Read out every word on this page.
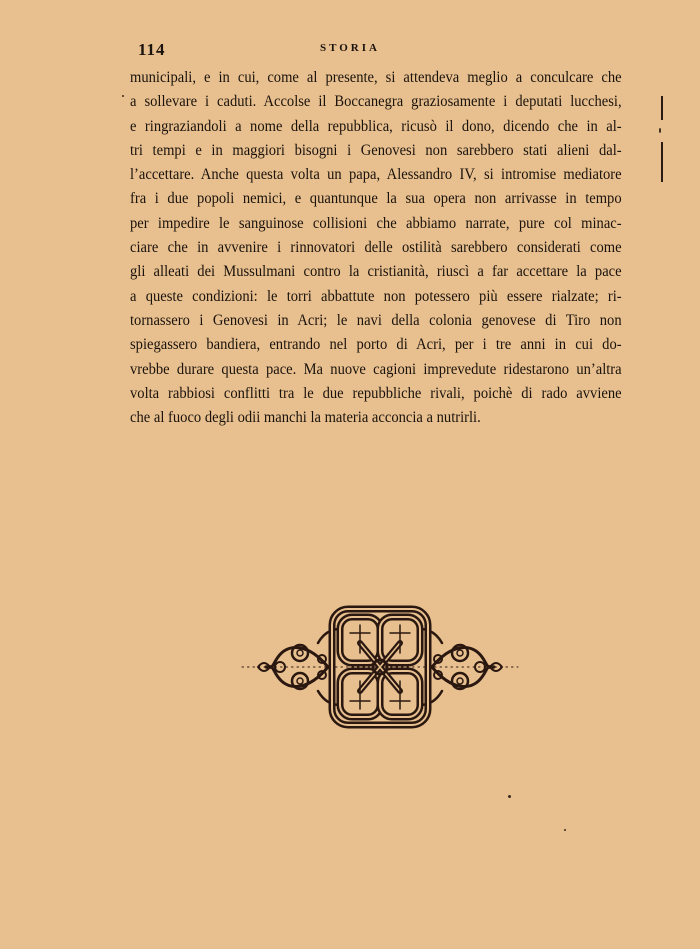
114	STORIA
municipali, e in cui, come al presente, si attendeva meglio a conculcare che
a sollevare i caduti. Accolse il Boccanegra graziosamente i deputati lucchesi,
e ringraziandoli a nome della repubblica, ricusò il dono, dicendo che in al-
tri tempi e in maggiori bisogni i Genovesi non sarebbero stati alieni dal-
l’accettare. Anche questa volta un papa, Alessandro IV, si intromise mediatore
fra i due popoli nemici, e quantunque la sua opera non arrivasse in tempo
per impedire le sanguinose collisioni che abbiamo narrate, pure col minac-
ciare che in avvenire i rinnovatori delle ostilità sarebbero considerati come
gli alleati dei Mussulmani contro la cristianità, riuscì a far accettare la pace
a queste condizioni: le torri abbattute non potessero più essere rialzate; ri-
tornassero i Genovesi in Acri; le navi della colonia genovese di Tiro non
spiegassero bandiera, entrando nel porto di Acri, per i tre anni in cui do-
vrebbe durare questa pace. Ma nuove cagioni imprevedute ridestarono un’altra
volta rabbiosi conflitti tra le due repubbliche rivali, poichè di rado avviene
che al fuoco degli odii manchi la materia acconcia a nutrirli.
